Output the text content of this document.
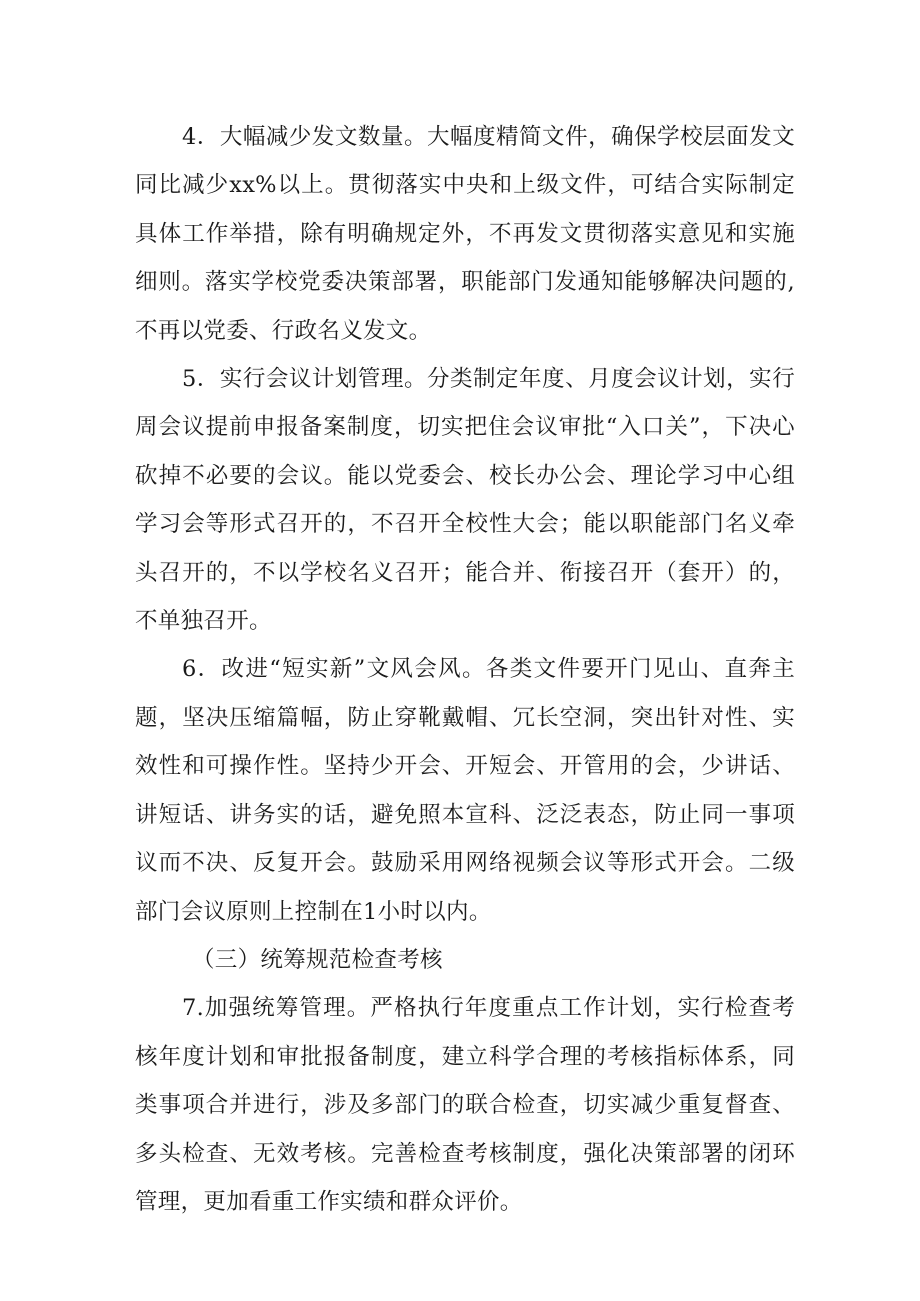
4．大幅减少发文数量。大幅度精简文件，确保学校层面发文同比减少xx%以上。贯彻落实中央和上级文件，可结合实际制定具体工作举措，除有明确规定外，不再发文贯彻落实意见和实施细则。落实学校党委决策部署，职能部门发通知能够解决问题的,不再以党委、行政名义发文。

5．实行会议计划管理。分类制定年度、月度会议计划，实行周会议提前申报备案制度，切实把住会议审批“入口关”，下决心砍掉不必要的会议。能以党委会、校长办公会、理论学习中心组学习会等形式召开的，不召开全校性大会；能以职能部门名义牵头召开的，不以学校名义召开；能合并、衔接召开（套开）的，不单独召开。

6．改进“短实新”文风会风。各类文件要开门见山、直奔主题，坚决压缩篇幅，防止穿靴戴帽、冗长空洞，突出针对性、实效性和可操作性。坚持少开会、开短会、开管用的会，少讲话、讲短话、讲务实的话，避免照本宣科、泛泛表态，防止同一事项议而不决、反复开会。鼓励采用网络视频会议等形式开会。二级部门会议原则上控制在1小时以内。

（三）统筹规范检查考核

7.加强统筹管理。严格执行年度重点工作计划，实行检查考核年度计划和审批报备制度，建立科学合理的考核指标体系，同类事项合并进行，涉及多部门的联合检查，切实减少重复督查、多头检查、无效考核。完善检查考核制度，强化决策部署的闭环管理，更加看重工作实绩和群众评价。
